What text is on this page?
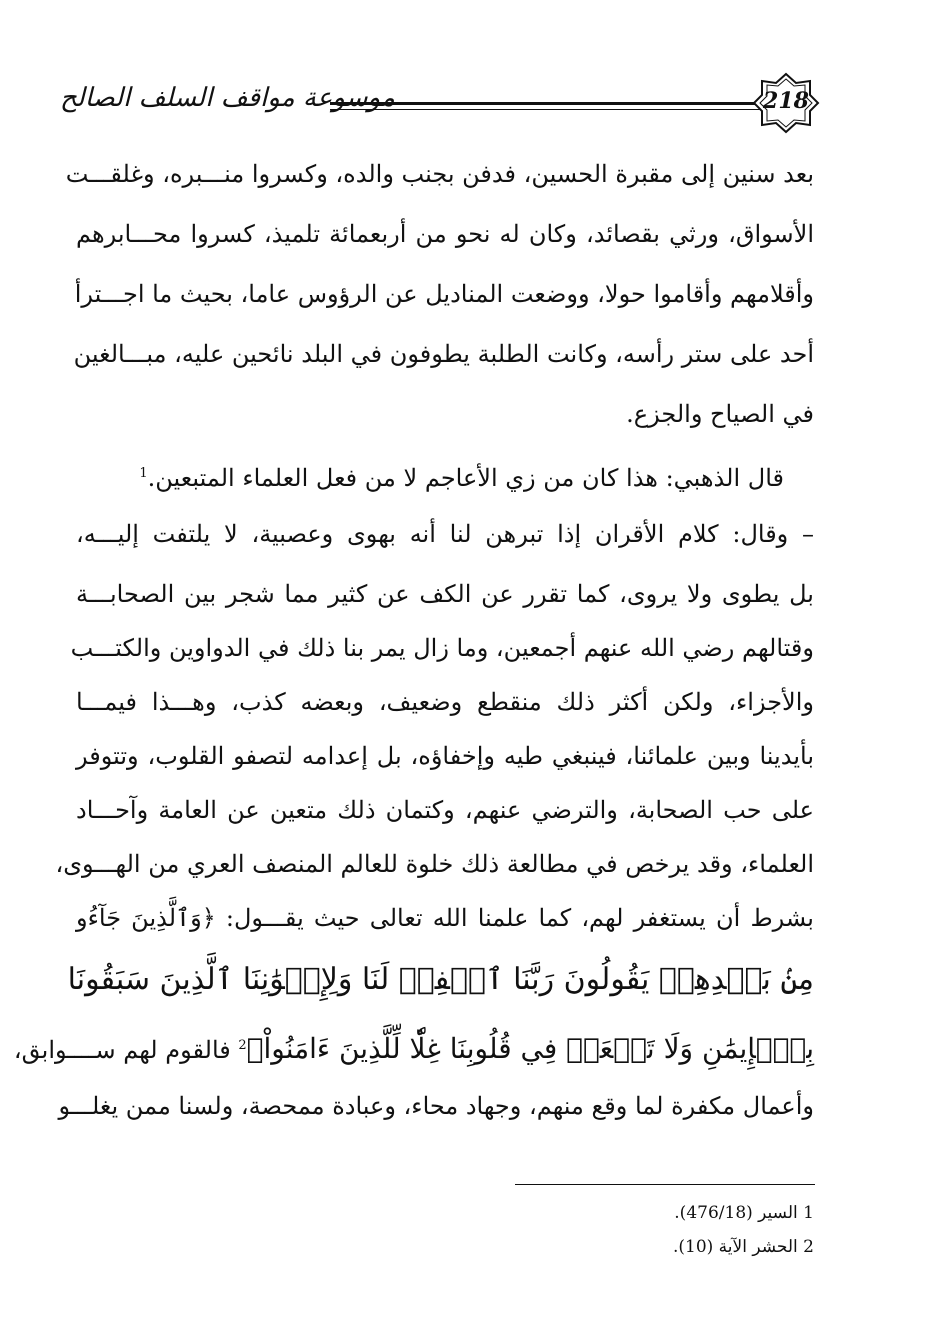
موسوعة مواقف السلف الصالح	218
بعد سنين إلى مقبرة الحسين، فدفن بجنب والده، وكسروا منـــبره، وغلقـــت
الأسواق، ورثي بقصائد، وكان له نحو من أربعمائة تلميذ، كسروا محـــابرهم
وأقلامهم وأقاموا حولا، ووضعت المناديل عن الرؤوس عاما، بحيث ما اجـــترأ
أحد على ستر رأسه، وكانت الطلبة يطوفون في البلد نائحين عليه، مبـــالغين
في الصياح والجزع.
قال الذهبي: هذا كان من زي الأعاجم لا من فعل العلماء المتبعين.$^1$
– وقال: كلام الأقران إذا تبرهن لنا أنه بهوى وعصبية، لا يلتفت إليـــه،
بل يطوى ولا يروى، كما تقرر عن الكف عن كثير مما شجر بين الصحابـــة
وقتالهم رضي الله عنهم أجمعين، وما زال يمر بنا ذلك في الدواوين والكتـــب
والأجزاء، ولكن أكثر ذلك منقطع وضعيف، وبعضه كذب، وهـــذا فيمـــا
بأيدينا وبين علمائنا، فينبغي طيه وإخفاؤه، بل إعدامه لتصفو القلوب، وتتوفر
على حب الصحابة، والترضي عنهم، وكتمان ذلك متعين عن العامة وآحـــاد
العلماء، وقد يرخص في مطالعة ذلك خلوة للعالم المنصف العري من الهـــوى،
بشرط أن يستغفر لهم، كما علمنا الله تعالى حيث يقـــول: ﴿وَٱلَّذِينَ جَآءُو
مِنۢ بَعۡدِهِمۡ يَقُولُونَ رَبَّنَا ٱغۡفِرۡ لَنَا وَلِإِخۡوَٰنِنَا ٱلَّذِينَ سَبَقُونَا
بِٱلۡإِيمَٰنِ وَلَا تَجۡعَلۡ فِي قُلُوبِنَا غِلّٗا لِّلَّذِينَ ءَامَنُواْ﴾$^2$ فالقوم لهم ســــوابق،
وأعمال مكفرة لما وقع منهم، وجهاد محاء، وعبادة ممحصة، ولسنا ممن يغلـــو
1 السير (476/18).
2 الحشر الآية (10).
